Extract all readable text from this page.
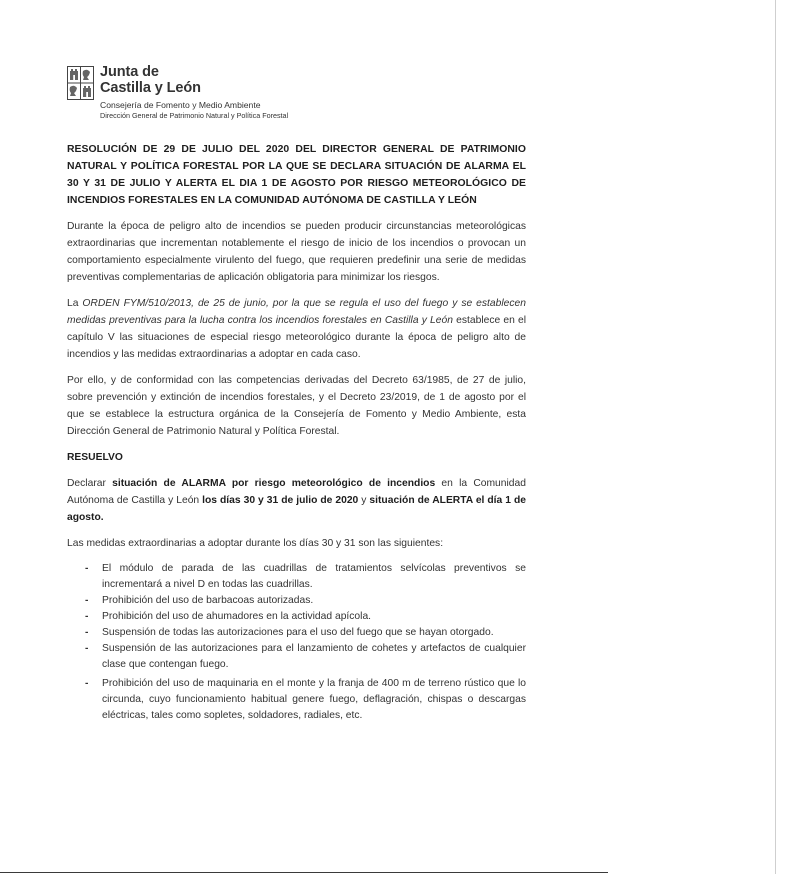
Junta de
Castilla y León
Consejería de Fomento y Medio Ambiente
Dirección General de Patrimonio Natural y Política Forestal
RESOLUCIÓN DE 29 DE JULIO DEL 2020 DEL DIRECTOR GENERAL DE PATRIMONIO NATURAL Y POLÍTICA FORESTAL POR LA QUE SE DECLARA SITUACIÓN DE ALARMA EL 30 Y 31 DE JULIO Y ALERTA EL DIA 1 DE AGOSTO POR RIESGO METEOROLÓGICO DE INCENDIOS FORESTALES EN LA COMUNIDAD AUTÓNOMA DE CASTILLA Y LEÓN

Durante la época de peligro alto de incendios se pueden producir circunstancias meteorológicas extraordinarias que incrementan notablemente el riesgo de inicio de los incendios o provocan un comportamiento especialmente virulento del fuego, que requieren predefinir una serie de medidas preventivas complementarias de aplicación obligatoria para minimizar los riesgos.

La ORDEN FYM/510/2013, de 25 de junio, por la que se regula el uso del fuego y se establecen medidas preventivas para la lucha contra los incendios forestales en Castilla y León establece en el capítulo V las situaciones de especial riesgo meteorológico durante la época de peligro alto de incendios y las medidas extraordinarias a adoptar en cada caso.

Por ello, y de conformidad con las competencias derivadas del Decreto 63/1985, de 27 de julio, sobre prevención y extinción de incendios forestales, y el Decreto 23/2019, de 1 de agosto por el que se establece la estructura orgánica de la Consejería de Fomento y Medio Ambiente, esta Dirección General de Patrimonio Natural y Política Forestal.

RESUELVO

Declarar situación de ALARMA por riesgo meteorológico de incendios en la Comunidad Autónoma de Castilla y León los días 30 y 31 de julio de 2020 y situación de ALERTA el día 1 de agosto.

Las medidas extraordinarias a adoptar durante los días 30 y 31 son las siguientes:

-	El módulo de parada de las cuadrillas de tratamientos selvícolas preventivos se incrementará a nivel D en todas las cuadrillas.
-	Prohibición del uso de barbacoas autorizadas.
-	Prohibición del uso de ahumadores en la actividad apícola.
-	Suspensión de todas las autorizaciones para el uso del fuego que se hayan otorgado.
-	Suspensión de las autorizaciones para el lanzamiento de cohetes y artefactos de cualquier clase que contengan fuego.
-	Prohibición del uso de maquinaria en el monte y la franja de 400 m de terreno rústico que lo circunda, cuyo funcionamiento habitual genere fuego, deflagración, chispas o descargas eléctricas, tales como sopletes, soldadores, radiales, etc.
